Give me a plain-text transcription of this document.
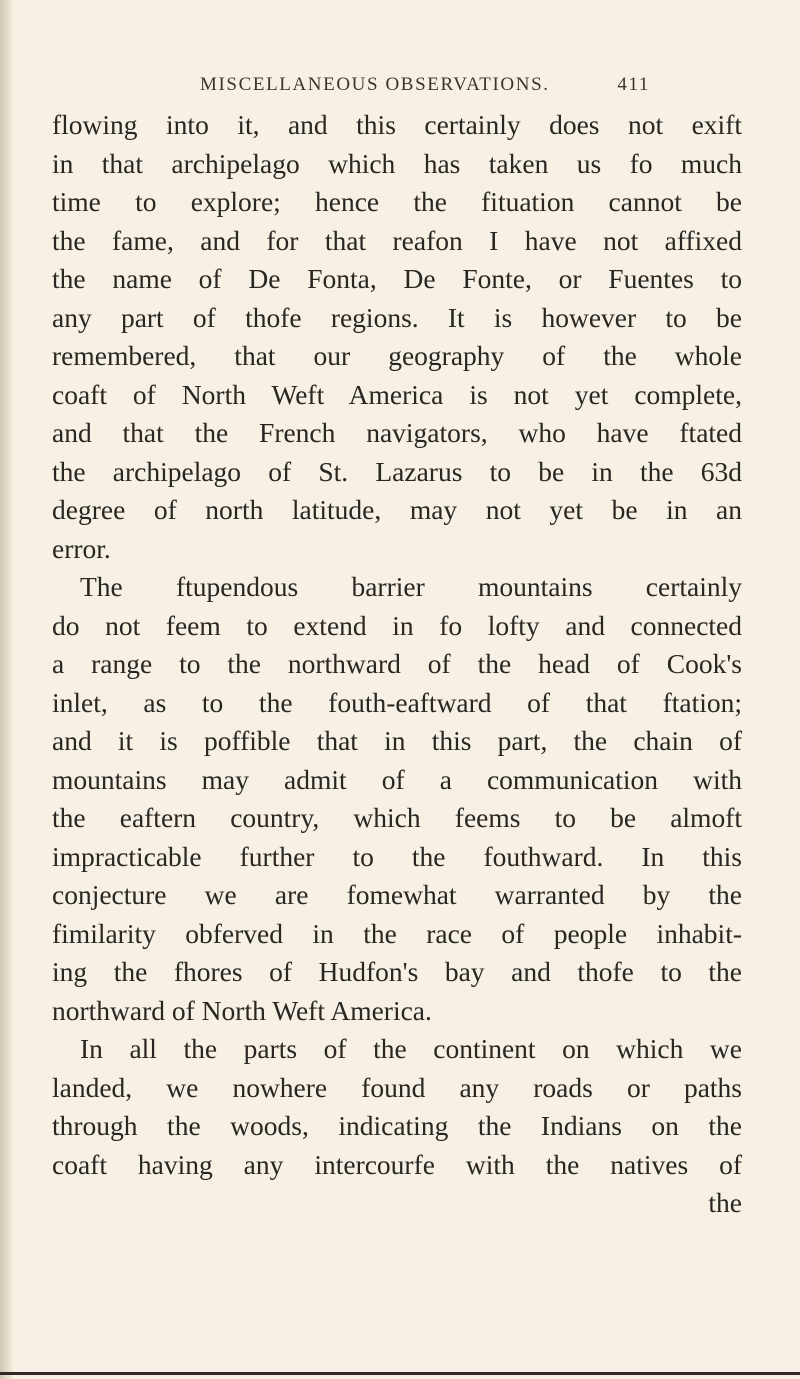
MISCELLANEOUS OBSERVATIONS.	411
flowing into it, and this certainly does not exift
in that archipelago which has taken us fo much
time to explore; hence the fituation cannot be
the fame, and for that reafon I have not affixed
the name of De Fonta, De Fonte, or Fuentes to
any part of thofe regions. It is however to be
remembered, that our geography of the whole
coaft of North Weft America is not yet complete,
and that the French navigators, who have ftated
the archipelago of St. Lazarus to be in the 63d
degree of north latitude, may not yet be in an
error.
The ftupendous barrier mountains certainly
do not feem to extend in fo lofty and connected
a range to the northward of the head of Cook's
inlet, as to the fouth-eaftward of that ftation;
and it is poffible that in this part, the chain of
mountains may admit of a communication with
the eaftern country, which feems to be almoft
impracticable further to the fouthward. In this
conjecture we are fomewhat warranted by the
fimilarity obferved in the race of people inhabit-
ing the fhores of Hudfon's bay and thofe to the
northward of North Weft America.
In all the parts of the continent on which we
landed, we nowhere found any roads or paths
through the woods, indicating the Indians on the
coaft having any intercourfe with the natives of
the
